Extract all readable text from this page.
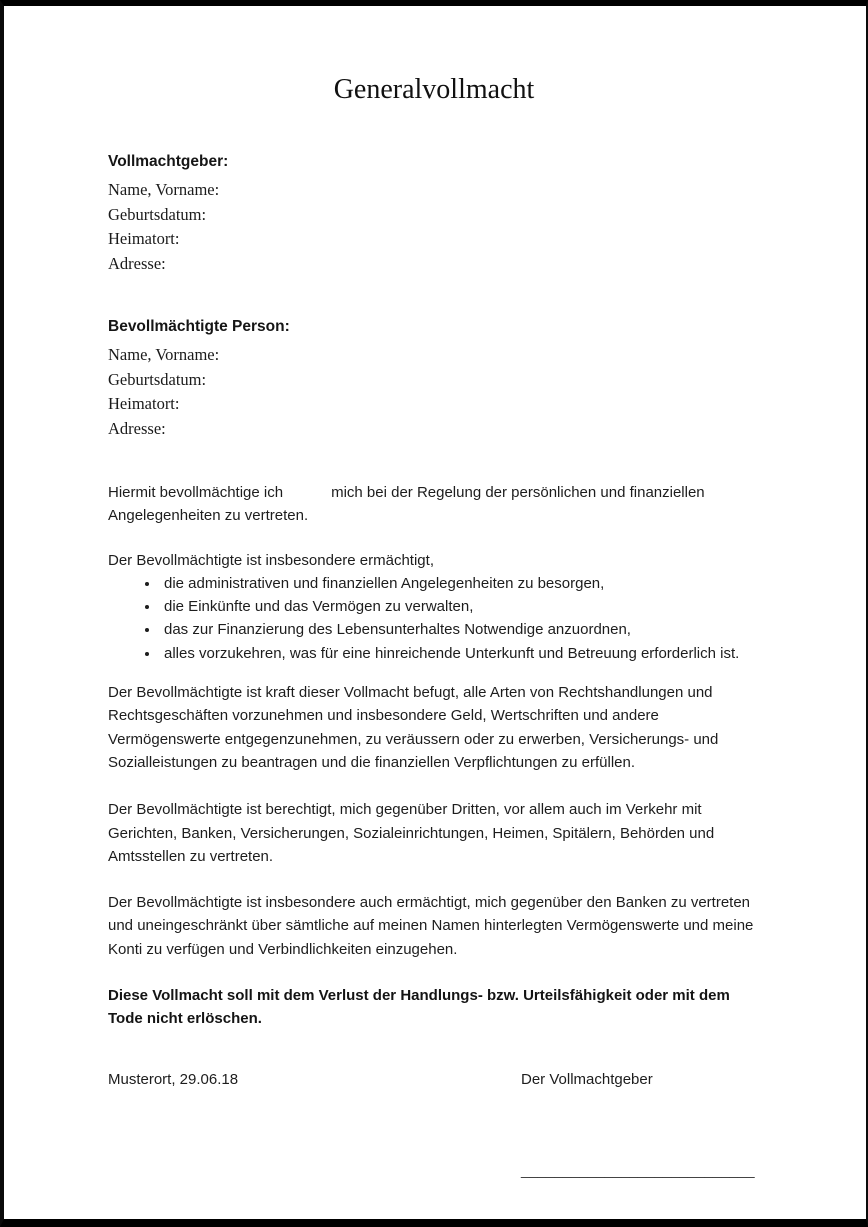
Generalvollmacht
Vollmachtgeber:
Name, Vorname:
Geburtsdatum:
Heimatort:
Adresse:
Bevollmächtigte Person:
Name, Vorname:
Geburtsdatum:
Heimatort:
Adresse:

Hiermit bevollmächtige ich	mich bei der Regelung der persönlichen und finanziellen Angelegenheiten zu vertreten.

Der Bevollmächtigte ist insbesondere ermächtigt,

• die administrativen und finanziellen Angelegenheiten zu besorgen,
• die Einkünfte und das Vermögen zu verwalten,
• das zur Finanzierung des Lebensunterhaltes Notwendige anzuordnen,
• alles vorzukehren, was für eine hinreichende Unterkunft und Betreuung erforderlich ist.

Der Bevollmächtigte ist kraft dieser Vollmacht befugt, alle Arten von Rechtshandlungen und Rechtsgeschäften vorzunehmen und insbesondere Geld, Wertschriften und andere Vermögenswerte entgegenzunehmen, zu veräussern oder zu erwerben, Versicherungs- und Sozialleistungen zu beantragen und die finanziellen Verpflichtungen zu erfüllen.

Der Bevollmächtigte ist berechtigt, mich gegenüber Dritten, vor allem auch im Verkehr mit Gerichten, Banken, Versicherungen, Sozialeinrichtungen, Heimen, Spitälern, Behörden und Amtsstellen zu vertreten.

Der Bevollmächtigte ist insbesondere auch ermächtigt, mich gegenüber den Banken zu vertreten und uneingeschränkt über sämtliche auf meinen Namen hinterlegten Vermögenswerte und meine Konti zu verfügen und Verbindlichkeiten einzugehen.

Diese Vollmacht soll mit dem Verlust der Handlungs- bzw. Urteilsfähigkeit oder mit dem Tode nicht erlöschen.

Musterort, 29.06.18	Der Vollmachtgeber
____________________________
